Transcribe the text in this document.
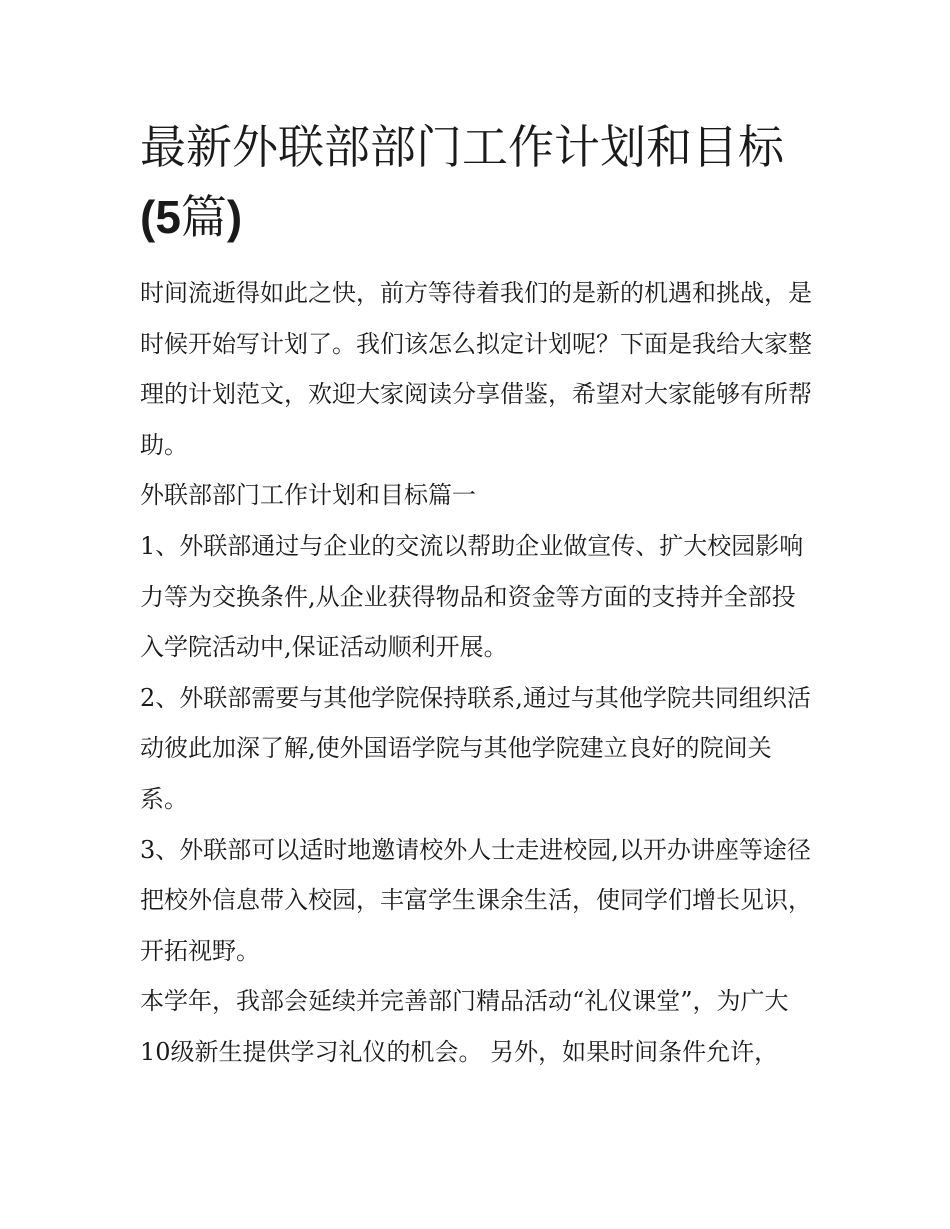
最新外联部部门工作计划和目标(5篇)

时间流逝得如此之快，前方等待着我们的是新的机遇和挑战，是时候开始写计划了。我们该怎么拟定计划呢？下面是我给大家整理的计划范文，欢迎大家阅读分享借鉴，希望对大家能够有所帮助。

外联部部门工作计划和目标篇一

1、外联部通过与企业的交流以帮助企业做宣传、扩大校园影响力等为交换条件,从企业获得物品和资金等方面的支持并全部投入学院活动中,保证活动顺利开展。

2、外联部需要与其他学院保持联系,通过与其他学院共同组织活动彼此加深了解,使外国语学院与其他学院建立良好的院间关系。

3、外联部可以适时地邀请校外人士走进校园,以开办讲座等途径把校外信息带入校园，丰富学生课余生活，使同学们增长见识，开拓视野。

本学年，我部会延续并完善部门精品活动“礼仪课堂”，为广大10级新生提供学习礼仪的机会。 另外，如果时间条件允许，
